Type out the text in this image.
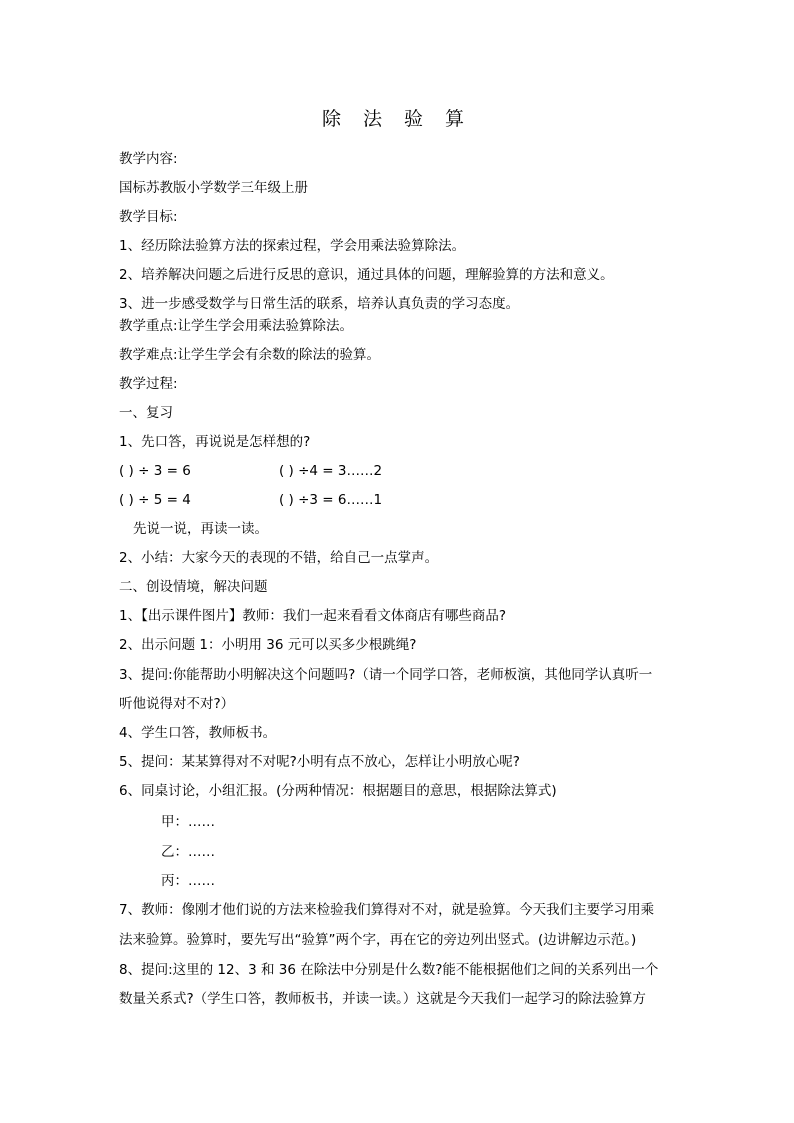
除 法 验 算
教学内容:
国标苏教版小学数学三年级上册
教学目标:
1、经历除法验算方法的探索过程，学会用乘法验算除法。
2、培养解决问题之后进行反思的意识，通过具体的问题，理解验算的方法和意义。
3、进一步感受数学与日常生活的联系，培养认真负责的学习态度。
教学重点:让学生学会用乘法验算除法。
教学难点:让学生学会有余数的除法的验算。
教学过程:
一、复习
1、先口答，再说说是怎样想的?
( ) ÷ 3 = 6	( ) ÷4 = 3……2
( ) ÷ 5 = 4	( ) ÷3 = 6……1
先说一说，再读一读。
2、小结：大家今天的表现的不错，给自己一点掌声。
二、创设情境，解决问题
1、【出示课件图片】教师：我们一起来看看文体商店有哪些商品?
2、出示问题 1：小明用 36 元可以买多少根跳绳?
3、提问:你能帮助小明解决这个问题吗?（请一个同学口答，老师板演，其他同学认真听一
听他说得对不对?）
4、学生口答，教师板书。
5、提问：某某算得对不对呢?小明有点不放心，怎样让小明放心呢?
6、同桌讨论，小组汇报。(分两种情况：根据题目的意思，根据除法算式)
甲：……
乙：……
丙：……
7、教师：像刚才他们说的方法来检验我们算得对不对，就是验算。今天我们主要学习用乘
法来验算。验算时，要先写出“验算”两个字，再在它的旁边列出竖式。(边讲解边示范。)
8、提问:这里的 12、3 和 36 在除法中分别是什么数?能不能根据他们之间的关系列出一个
数量关系式?（学生口答，教师板书，并读一读。）这就是今天我们一起学习的除法验算方
